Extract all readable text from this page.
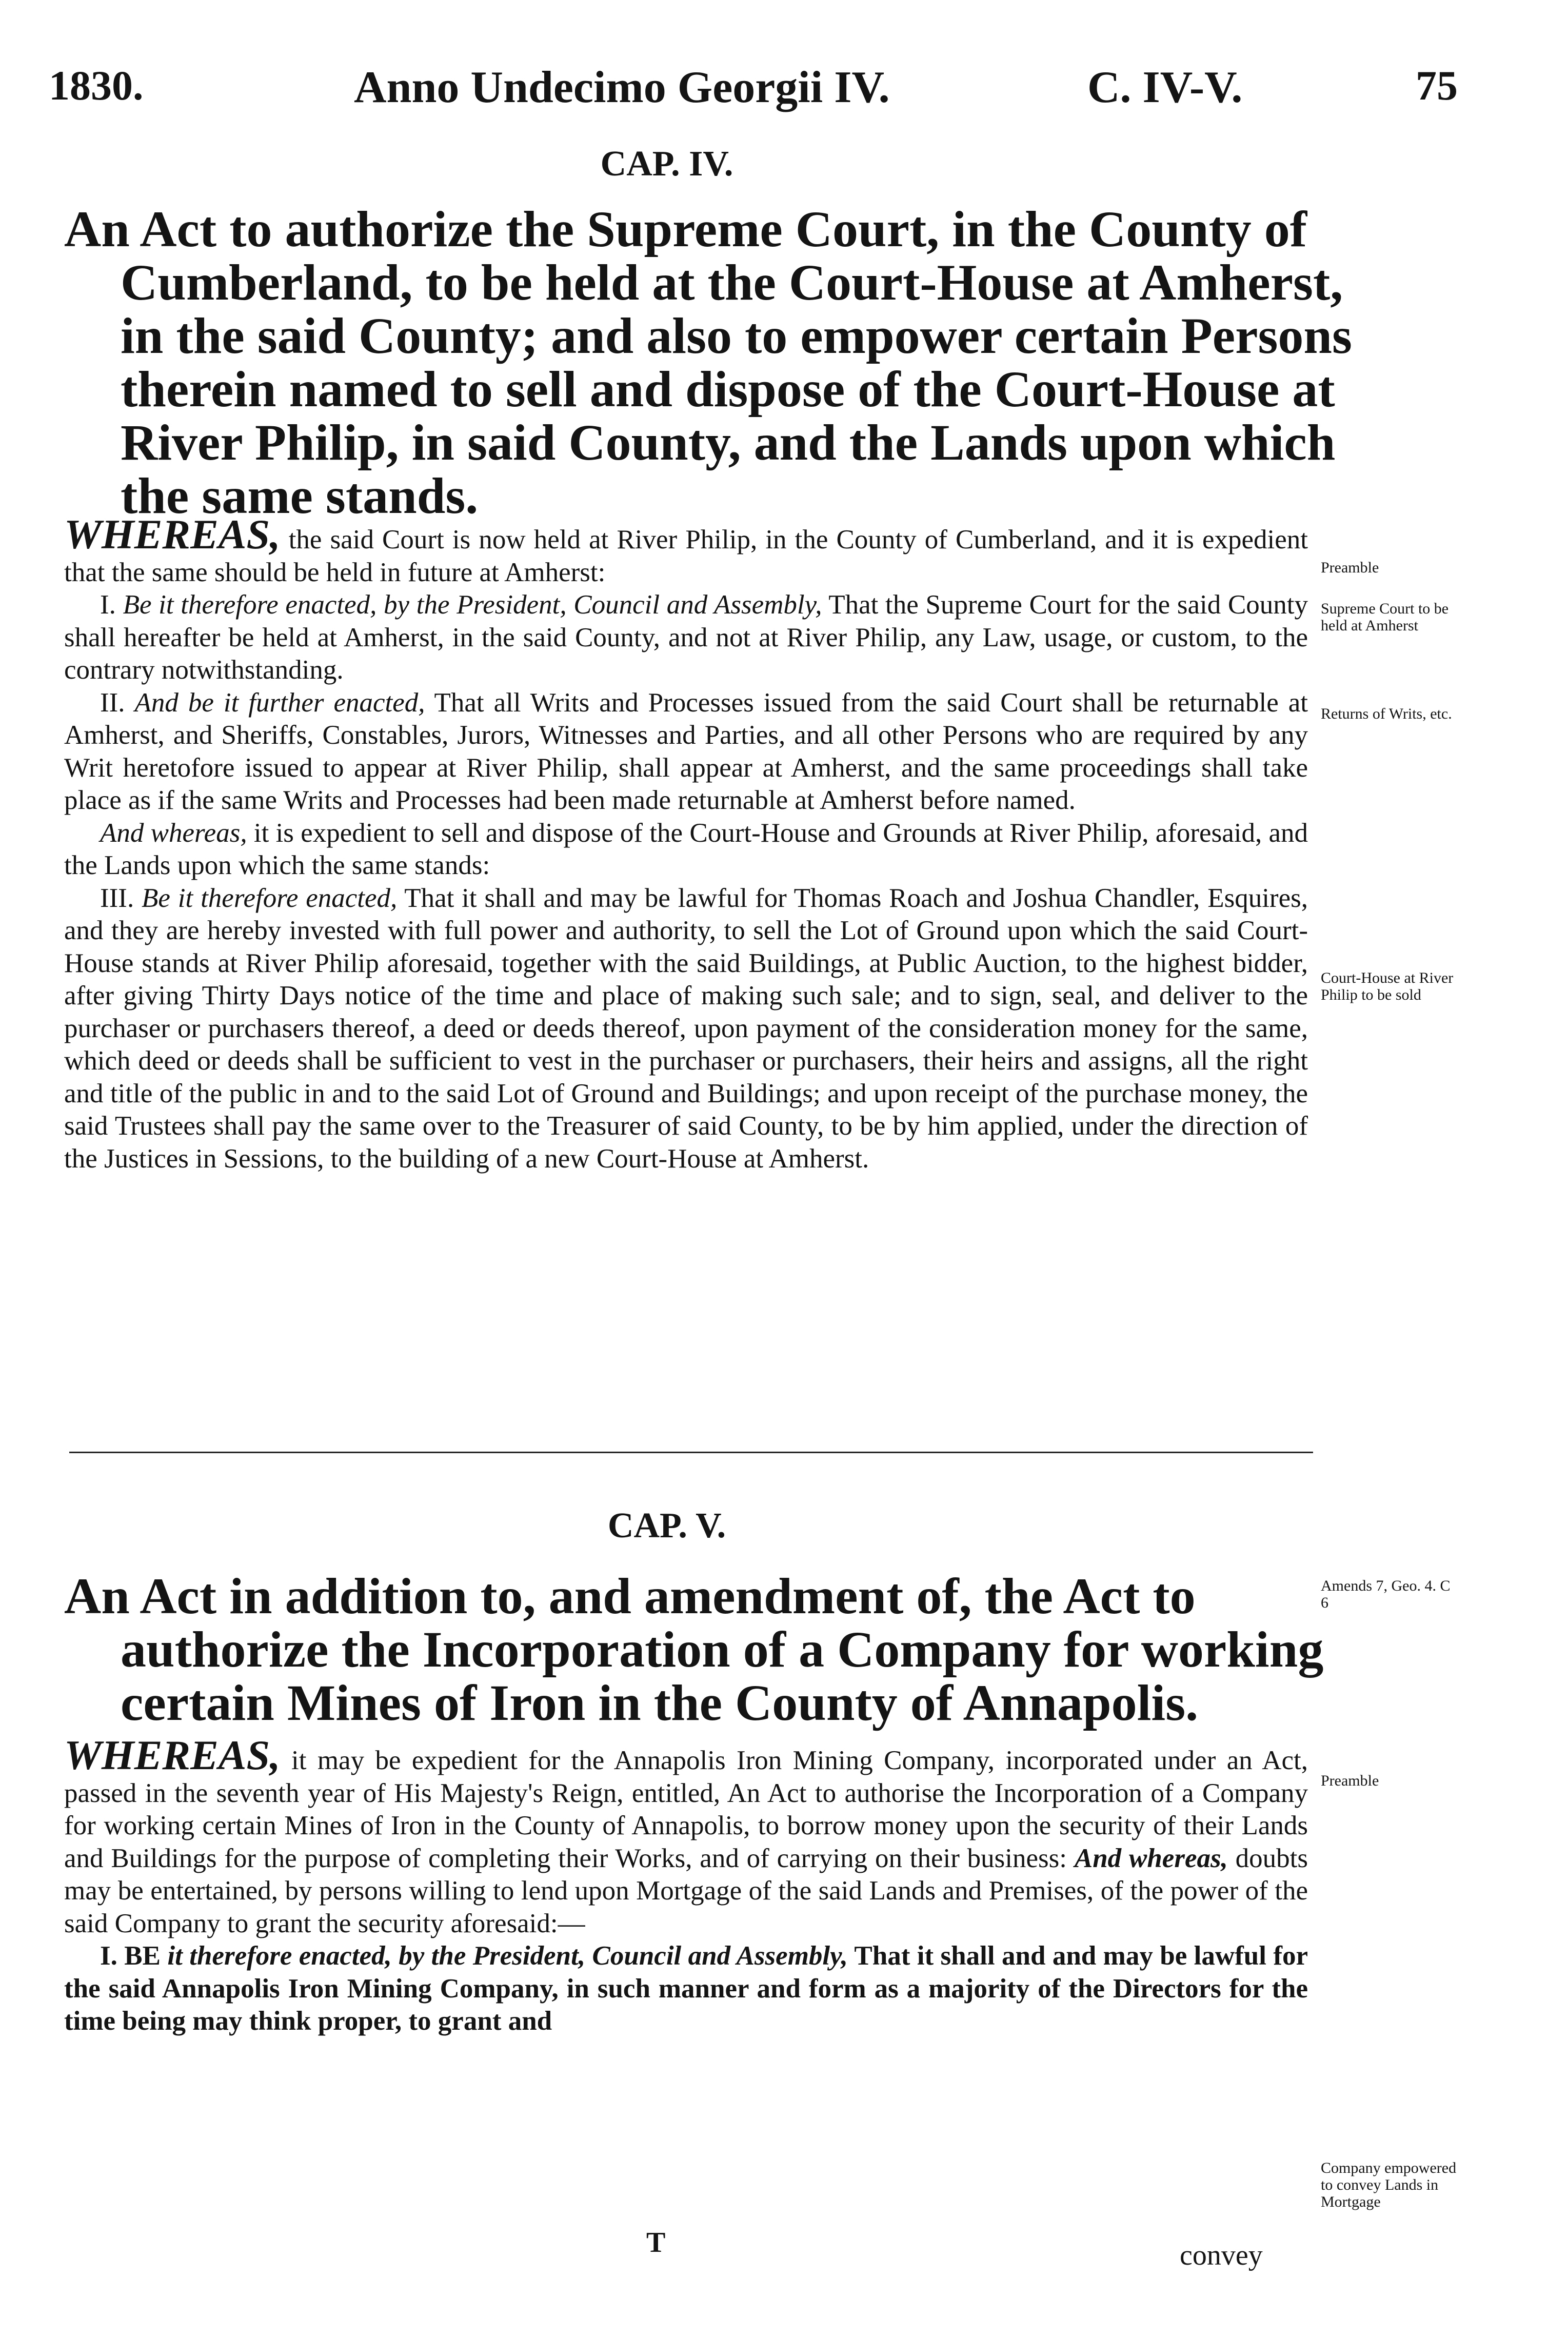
1830.	Anno Undecimo Georgii IV.	C. IV-V.	75
CAP. IV.
An Act to authorize the Supreme Court, in the County of Cumberland, to be held at the Court-House at Amherst, in the said County; and also to empower certain Persons therein named to sell and dispose of the Court-House at River Philip, in said County, and the Lands upon which the same stands.

WHEREAS, the said Court is now held at River Philip, in the County of Cumberland, and it is expedient that the same should be held in future at Amherst:

I. Be it therefore enacted, by the President, Council and Assembly, That the Supreme Court for the said County shall hereafter be held at Amherst, in the said County, and not at River Philip, any Law, usage, or custom, to the contrary notwithstanding.

II. And be it further enacted, That all Writs and Processes issued from the said Court shall be returnable at Amherst, and Sheriffs, Constables, Jurors, Witnesses and Parties, and all other Persons who are required by any Writ heretofore issued to appear at River Philip, shall appear at Amherst, and the same proceedings shall take place as if the same Writs and Processes had been made returnable at Amherst before named.

And whereas, it is expedient to sell and dispose of the Court-House and Grounds at River Philip, aforesaid, and the Lands upon which the same stands:

III. Be it therefore enacted, That it shall and may be lawful for Thomas Roach and Joshua Chandler, Esquires, and they are hereby invested with full power and authority, to sell the Lot of Ground upon which the said Court-House stands at River Philip aforesaid, together with the said Buildings, at Public Auction, to the highest bidder, after giving Thirty Days notice of the time and place of making such sale; and to sign, seal, and deliver to the purchaser or purchasers thereof, a deed or deeds thereof, upon payment of the consideration money for the same, which deed or deeds shall be sufficient to vest in the purchaser or purchasers, their heirs and assigns, all the right and title of the public in and to the said Lot of Ground and Buildings; and upon receipt of the purchase money, the said Trustees shall pay the same over to the Treasurer of said County, to be by him applied, under the direction of the Justices in Sessions, to the building of a new Court-House at Amherst.

Preamble
Supreme Court to be held at Amherst
Returns of Writs, etc.
Court-House at River Philip to be sold
CAP. V.
An Act in addition to, and amendment of, the Act to authorize the Incorporation of a Company for working certain Mines of Iron in the County of Annapolis.

WHEREAS, it may be expedient for the Annapolis Iron Mining Company, incorporated under an Act, passed in the seventh year of His Majesty's Reign, entitled, An Act to authorise the Incorporation of a Company for working certain Mines of Iron in the County of Annapolis, to borrow money upon the security of their Lands and Buildings for the purpose of completing their Works, and of carrying on their business: And whereas, doubts may be entertained, by persons willing to lend upon Mortgage of the said Lands and Premises, of the power of the said Company to grant the security aforesaid:—

I. BE it therefore enacted, by the President, Council and Assembly, That it shall and and may be lawful for the said Annapolis Iron Mining Company, in such manner and form as a majority of the Directors for the time being may think proper, to grant and

Amends 7, Geo. 4. C 6
Preamble
Company empowered to convey Lands in Mortgage
T	convey
